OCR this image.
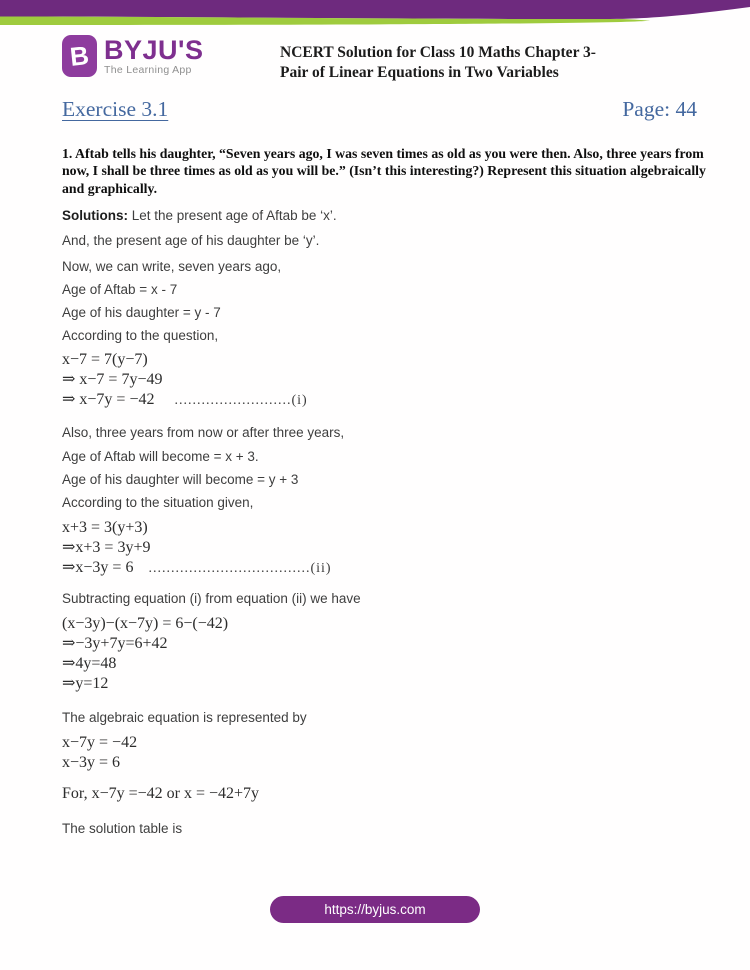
B BYJU'S
The Learning App
NCERT Solution for Class 10 Maths Chapter 3-
Pair of Linear Equations in Two Variables
Exercise 3.1	Page: 44
1. Aftab tells his daughter, “Seven years ago, I was seven times as old as you were then. Also, three years from now, I shall be three times as old as you will be.” (Isn’t this interesting?) Represent this situation algebraically and graphically.

Solutions: Let the present age of Aftab be ‘x’.

And, the present age of his daughter be ‘y’.

Now, we can write, seven years ago,

Age of Aftab = x - 7

Age of his daughter = y - 7

According to the question,

x−7 = 7(y−7)

⇒ x−7 = 7y−49

⇒ x−7y = −42 ..........................(i)

Also, three years from now or after three years,

Age of Aftab will become = x + 3.

Age of his daughter will become = y + 3

According to the situation given,

x+3 = 3(y+3)

⇒x+3 = 3y+9

⇒x−3y = 6 ....................................(ii)

Subtracting equation (i) from equation (ii) we have

(x−3y)−(x−7y) = 6−(−42)

⇒−3y+7y=6+42

⇒4y=48

⇒y=12

The algebraic equation is represented by

x−7y = −42

x−3y = 6

For, x−7y =−42 or x = −42+7y

The solution table is

https://byjus.com
